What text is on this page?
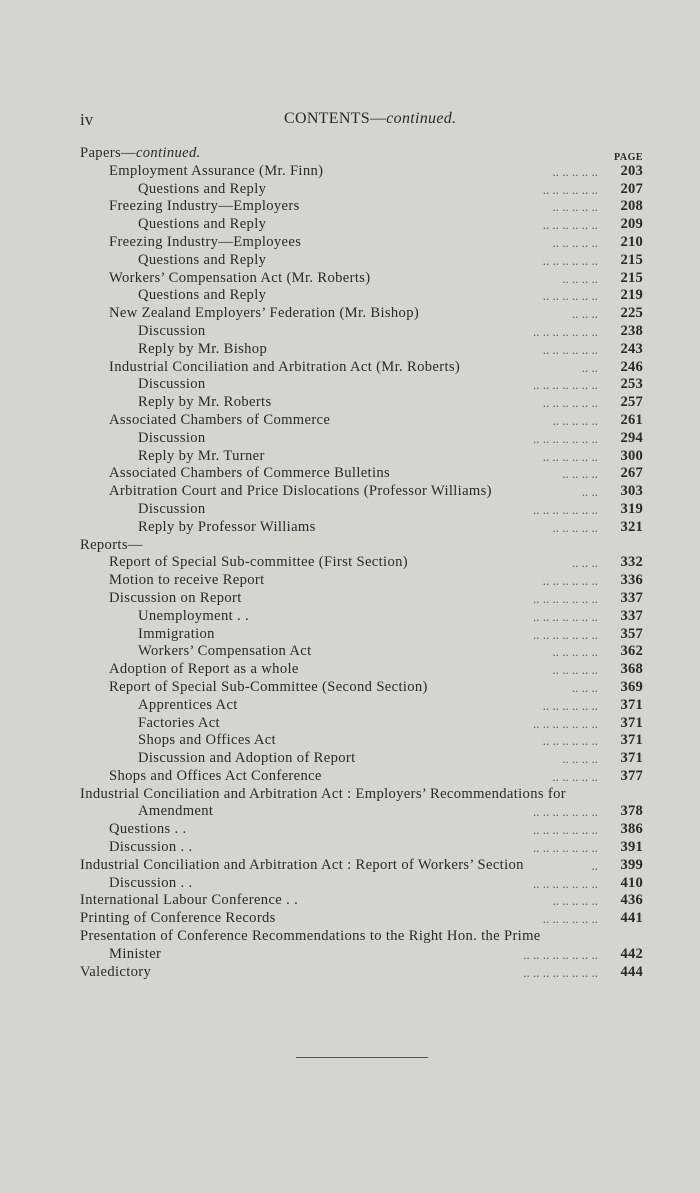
iv	CONTENTS—continued.
PAGE
Papers—continued.
Employment Assurance (Mr. Finn)	.. .. .. .. .. 203
Questions and Reply	.. .. .. .. .. .. 207
Freezing Industry—Employers	.. .. .. .. .. 208
Questions and Reply	.. .. .. .. .. .. 209
Freezing Industry—Employees	.. .. .. .. .. 210
Questions and Reply	.. .. .. .. .. .. 215
Workers’ Compensation Act (Mr. Roberts)	.. .. .. .. 215
Questions and Reply	.. .. .. .. .. .. 219
New Zealand Employers’ Federation (Mr. Bishop)	.. .. .. 225
Discussion	.. .. .. .. .. .. .. 238
Reply by Mr. Bishop	.. .. .. .. .. .. 243
Industrial Conciliation and Arbitration Act (Mr. Roberts)	.. .. 246
Discussion	.. .. .. .. .. .. .. 253
Reply by Mr. Roberts	.. .. .. .. .. .. 257
Associated Chambers of Commerce	.. .. .. .. .. 261
Discussion	.. .. .. .. .. .. .. 294
Reply by Mr. Turner	.. .. .. .. .. .. 300
Associated Chambers of Commerce Bulletins	.. .. .. .. 267
Arbitration Court and Price Dislocations (Professor Williams)	.. .. 303
Discussion	.. .. .. .. .. .. .. 319
Reply by Professor Williams	.. .. .. .. .. 321
Reports—
Report of Special Sub-committee (First Section)	.. .. .. 332
Motion to receive Report	.. .. .. .. .. .. 336
Discussion on Report	.. .. .. .. .. .. .. 337
Unemployment . .	.. .. .. .. .. .. .. 337
Immigration	.. .. .. .. .. .. .. 357
Workers’ Compensation Act	.. .. .. .. .. 362
Adoption of Report as a whole	.. .. .. .. .. 368
Report of Special Sub-Committee (Second Section)	.. .. .. 369
Apprentices Act	.. .. .. .. .. .. 371
Factories Act	.. .. .. .. .. .. .. 371
Shops and Offices Act	.. .. .. .. .. .. 371
Discussion and Adoption of Report	.. .. .. .. 371
Shops and Offices Act Conference	.. .. .. .. .. 377
Industrial Conciliation and Arbitration Act : Employers’ Recommendations for
Amendment	.. .. .. .. .. .. .. 378
Questions . .	.. .. .. .. .. .. .. 386
Discussion . .	.. .. .. .. .. .. .. 391
Industrial Conciliation and Arbitration Act : Report of Workers’ Section	.. 399
Discussion . .	.. .. .. .. .. .. .. 410
International Labour Conference . .	.. .. .. .. .. 436
Printing of Conference Records	.. .. .. .. .. .. 441
Presentation of Conference Recommendations to the Right Hon. the Prime
Minister	.. .. .. .. .. .. .. .. 442
Valedictory	.. .. .. .. .. .. .. .. 444
